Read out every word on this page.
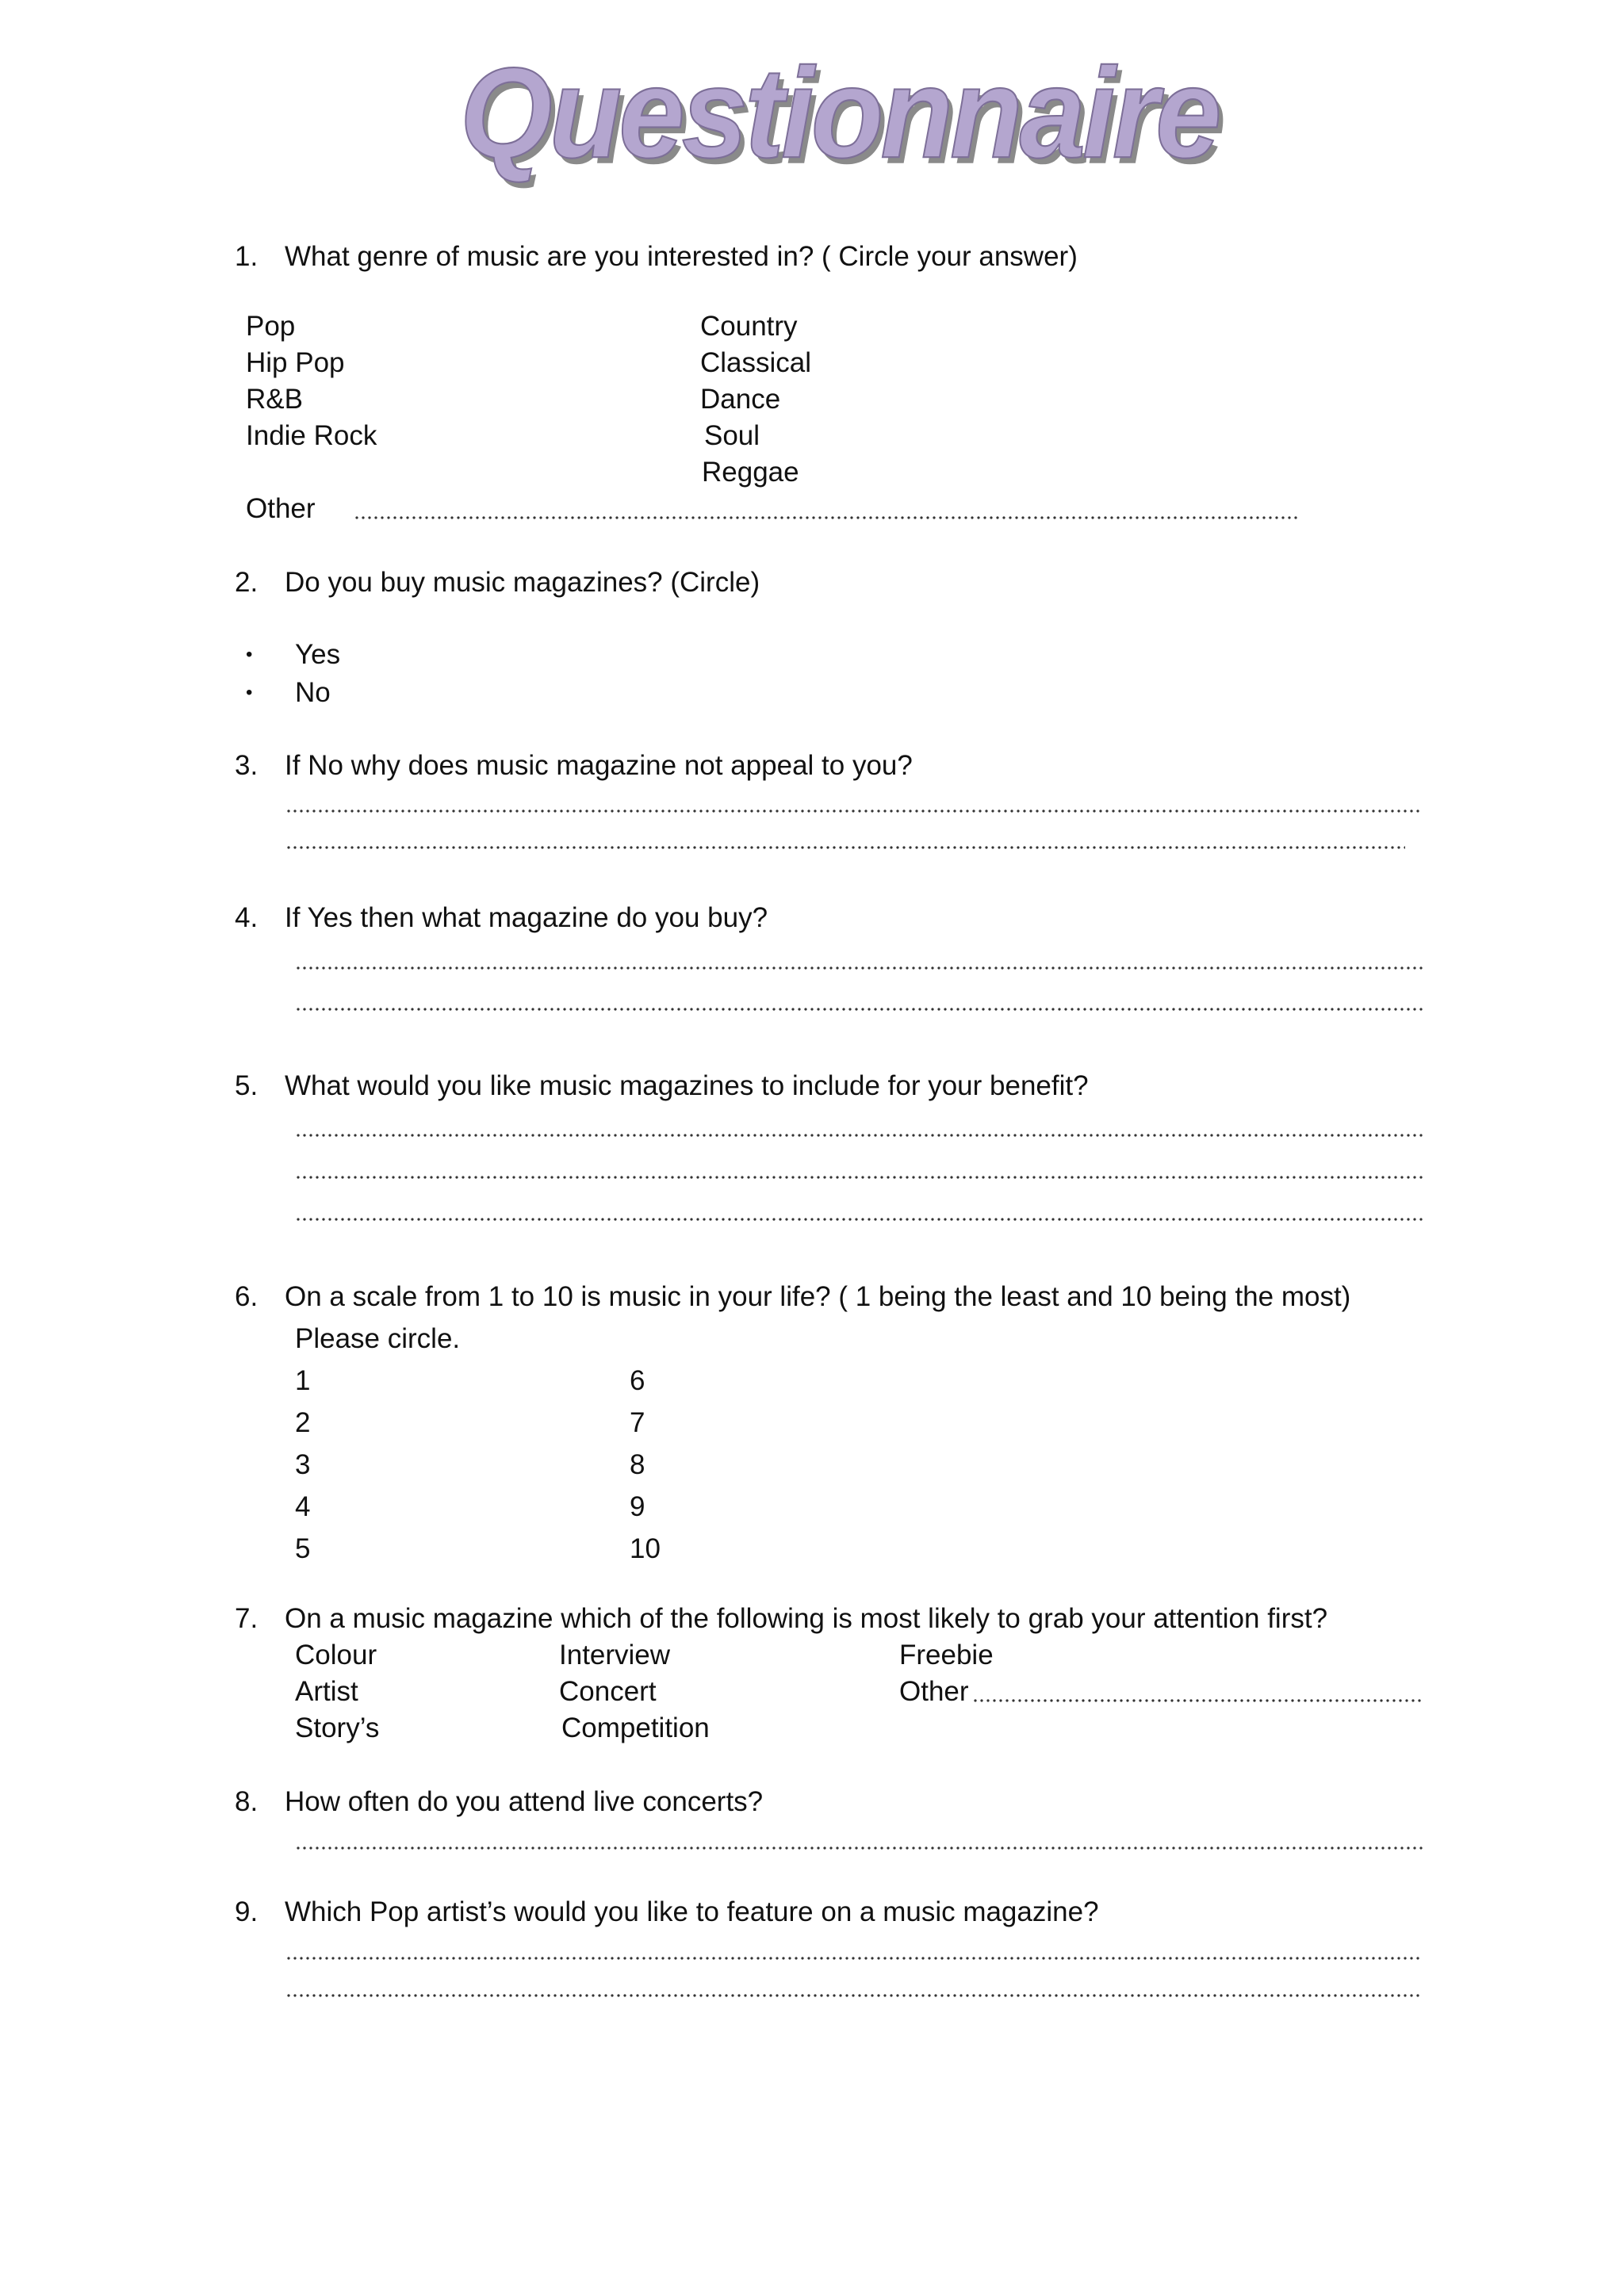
Questionnaire
1. What genre of music are you interested in? ( Circle your answer)
Pop
Hip Pop
R&B
Indie Rock
Country
Classical
Dance
Soul
Reggae
Other
2. Do you buy music magazines? (Circle)
• Yes
• No
3. If No why does music magazine not appeal to you?
4. If Yes then what magazine do you buy?
5. What would you like music magazines to include for your benefit?
6. On a scale from 1 to 10 is music in your life? ( 1 being the least and 10 being the most)
Please circle.
1
2
3
4
5
6
7
8
9
10
7. On a music magazine which of the following is most likely to grab your attention first?
Colour
Artist
Story’s
Interview
Concert
Competition
Freebie
Other
8. How often do you attend live concerts?
9. Which Pop artist’s would you like to feature on a music magazine?
